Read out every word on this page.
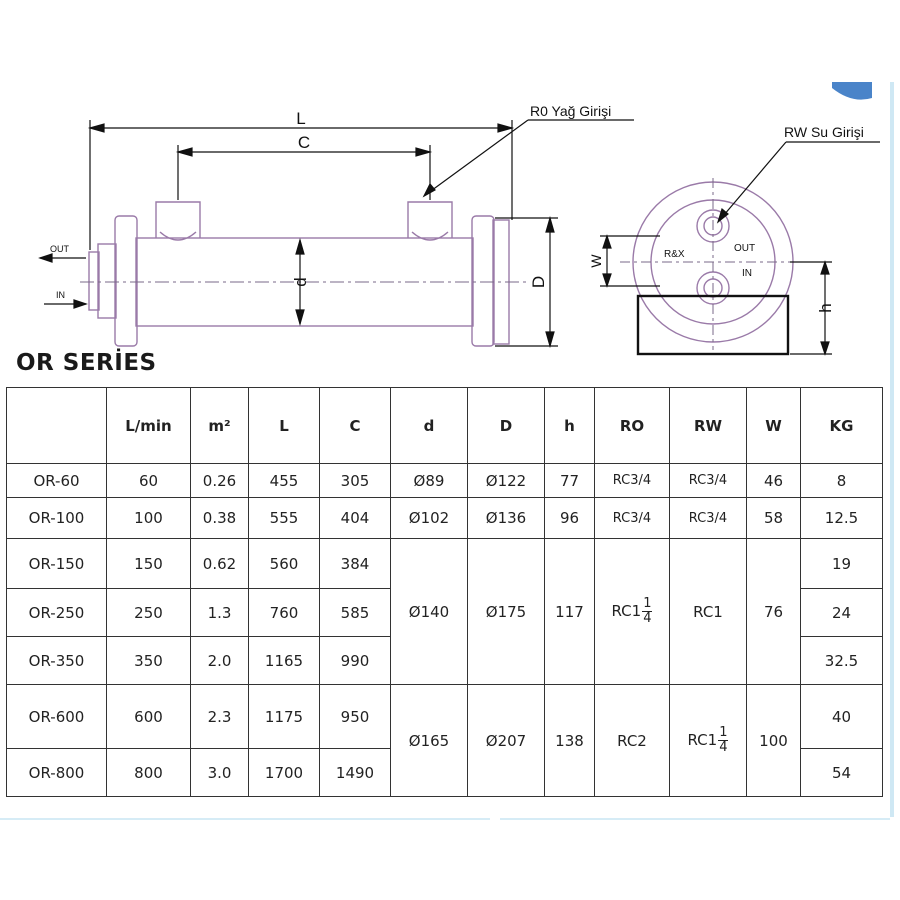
L
C
d	D
OUT
IN
R0 Yağ Girişi
W
h
R&X
OUT
IN
RW Su Girişi
OR SERİES
	L/min	m²	L	C	d	D	h	RO	RW	W	KG
OR-60	60	0.26	455	305	Ø89	Ø122	77	RC3/4	RC3/4	46	8
OR-100	100	0.38	555	404	Ø102	Ø136	96	RC3/4	RC3/4	58	12.5
OR-150	150	0.62	560	384	Ø140	Ø175	117	$RC1 \frac{1}{4}$	RC1	76	19
OR-250	250	1.3	760	585							24
OR-350	350	2.0	1165	990							32.5
OR-600	600	2.3	1175	950	Ø165	Ø207	138	RC2	$RC1 \frac{1}{4}$	100	40
OR-800	800	3.0	1700	1490							54
